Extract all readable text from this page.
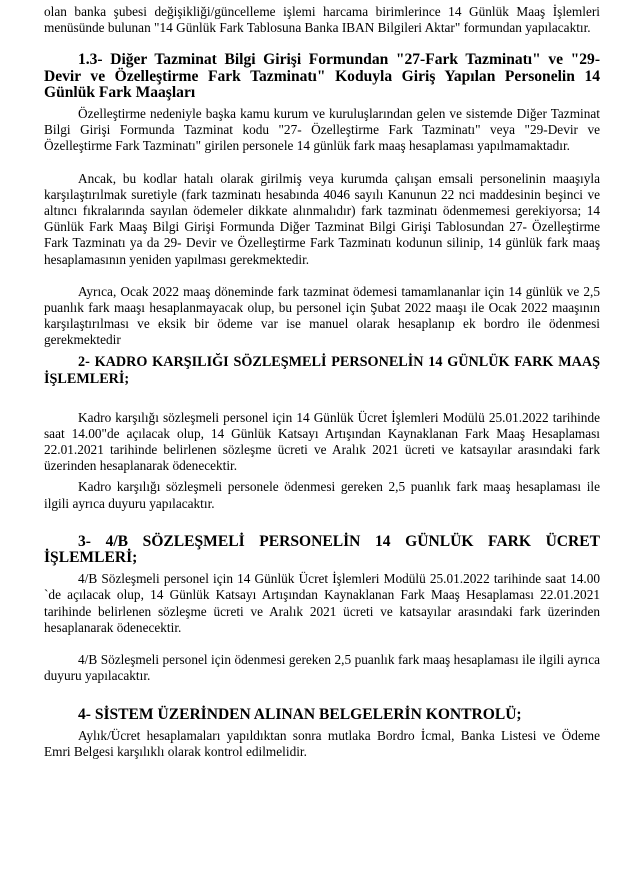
olan banka şubesi değişikliği/güncelleme işlemi harcama birimlerince 14 Günlük Maaş İşlemleri menüsünde bulunan "14 Günlük Fark Tablosuna Banka IBAN Bilgileri Aktar" formundan yapılacaktır.

1.3- Diğer Tazminat Bilgi Girişi Formundan "27-Fark Tazminatı" ve "29-Devir ve Özelleştirme Fark Tazminatı" Koduyla Giriş Yapılan Personelin 14 Günlük Fark Maaşları

Özelleştirme nedeniyle başka kamu kurum ve kuruluşlarından gelen ve sistemde Diğer Tazminat Bilgi Girişi Formunda Tazminat kodu "27- Özelleştirme Fark Tazminatı" veya "29-Devir ve Özelleştirme Fark Tazminatı" girilen personele 14 günlük fark maaş hesaplaması yapılmamaktadır.

Ancak, bu kodlar hatalı olarak girilmiş veya kurumda çalışan emsali personelinin maaşıyla karşılaştırılmak suretiyle (fark tazminatı hesabında 4046 sayılı Kanunun 22 nci maddesinin beşinci ve altıncı fıkralarında sayılan ödemeler dikkate alınmalıdır) fark tazminatı ödenmemesi gerekiyorsa; 14 Günlük Fark Maaş Bilgi Girişi Formunda Diğer Tazminat Bilgi Girişi Tablosundan 27- Özelleştirme Fark Tazminatı ya da 29- Devir ve Özelleştirme Fark Tazminatı kodunun silinip, 14 günlük fark maaş hesaplamasının yeniden yapılması gerekmektedir.

Ayrıca, Ocak 2022 maaş döneminde fark tazminat ödemesi tamamlananlar için 14 günlük ve 2,5 puanlık fark maaşı hesaplanmayacak olup, bu personel için Şubat 2022 maaşı ile Ocak 2022 maaşının karşılaştırılması ve eksik bir ödeme var ise manuel olarak hesaplanıp ek bordro ile ödenmesi gerekmektedir

2- KADRO KARŞILIĞI SÖZLEŞMELİ PERSONELİN 14 GÜNLÜK FARK MAAŞ İŞLEMLERİ;

Kadro karşılığı sözleşmeli personel için 14 Günlük Ücret İşlemleri Modülü 25.01.2022 tarihinde saat 14.00"de açılacak olup, 14 Günlük Katsayı Artışından Kaynaklanan Fark Maaş Hesaplaması 22.01.2021 tarihinde belirlenen sözleşme ücreti ve Aralık 2021 ücreti ve katsayılar arasındaki fark üzerinden hesaplanarak ödenecektir.

Kadro karşılığı sözleşmeli personele ödenmesi gereken 2,5 puanlık fark maaş hesaplaması ile ilgili ayrıca duyuru yapılacaktır.

3- 4/B SÖZLEŞMELİ PERSONELİN 14 GÜNLÜK FARK ÜCRET İŞLEMLERİ;

4/B Sözleşmeli personel için 14 Günlük Ücret İşlemleri Modülü 25.01.2022 tarihinde saat 14.00 `de açılacak olup, 14 Günlük Katsayı Artışından Kaynaklanan Fark Maaş Hesaplaması 22.01.2021 tarihinde belirlenen sözleşme ücreti ve Aralık 2021 ücreti ve katsayılar arasındaki fark üzerinden hesaplanarak ödenecektir.

4/B Sözleşmeli personel için ödenmesi gereken 2,5 puanlık fark maaş hesaplaması ile ilgili ayrıca duyuru yapılacaktır.

4- SİSTEM ÜZERİNDEN ALINAN BELGELERİN KONTROLÜ;

Aylık/Ücret hesaplamaları yapıldıktan sonra mutlaka Bordro İcmal, Banka Listesi ve Ödeme Emri Belgesi karşılıklı olarak kontrol edilmelidir.
